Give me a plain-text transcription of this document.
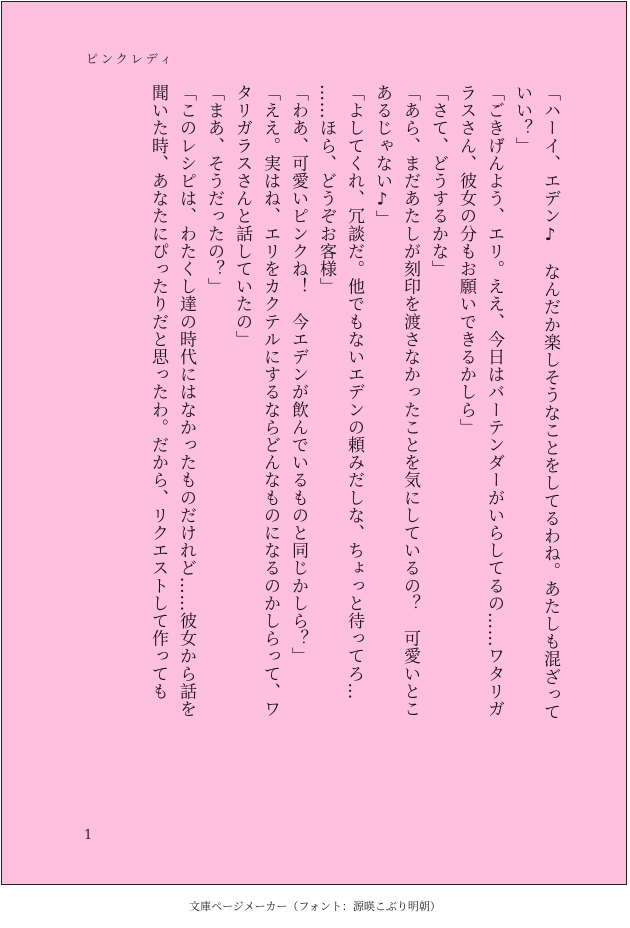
ピンクレディ
「ハーイ、エデン♪　なんだか楽しそうなことをしてるわね。あたしも混ざって
いい？」
「ごきげんよう、エリ。ええ、今日はバーテンダーがいらしてるの……ワタリガ
ラスさん、彼女の分もお願いできるかしら」
「さて、どうするかな」
「あら、まだあたしが刻印を渡さなかったことを気にしているの？　可愛いとこ
あるじゃない♪」
「よしてくれ、冗談だ。他でもないエデンの頼みだしな、ちょっと待ってろ…
……ほら、どうぞお客様」
「わあ、可愛いピンクね！　今エデンが飲んでいるものと同じかしら？」
「ええ。実はね、エリをカクテルにするならどんなものになるのかしらって、ワ
タリガラスさんと話していたの」
「まあ、そうだったの？」
「このレシピは、わたくし達の時代にはなかったものだけれど……彼女から話を
聞いた時、あなたにぴったりだと思ったわ。だから、リクエストして作っても
1
文庫ページメーカー（フォント：源暎こぶり明朝）
